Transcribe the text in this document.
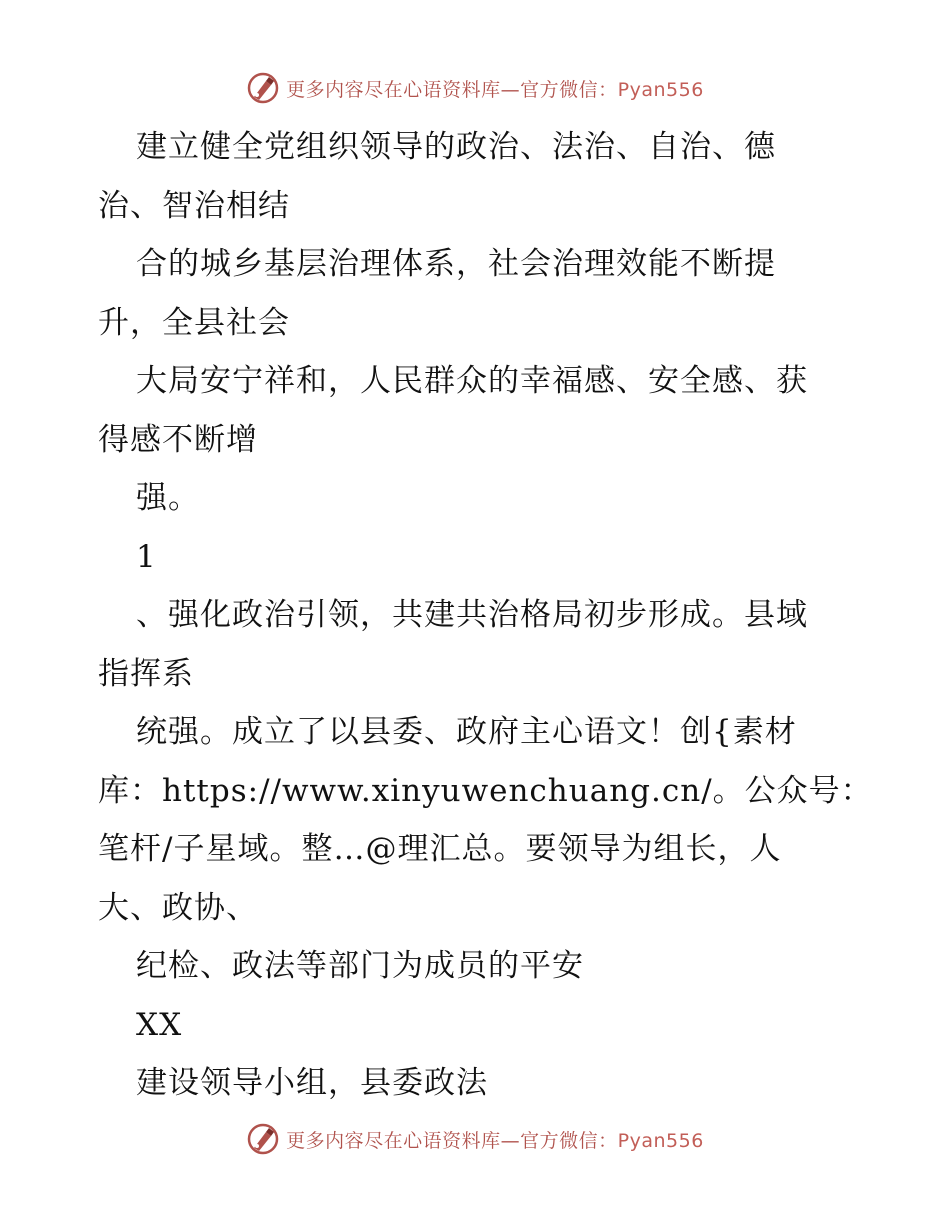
更多内容尽在心语资料库—官方微信：Pyan556
建立健全党组织领导的政治、法治、自治、德
治、智治相结
合的城乡基层治理体系，社会治理效能不断提
升，全县社会
大局安宁祥和，人民群众的幸福感、安全感、获
得感不断增
强。
1
、强化政治引领，共建共治格局初步形成。县域
指挥系
统强。成立了以县委、政府主心语文！创{素材
库：https://www.xinyuwenchuang.cn/。公众号：
笔杆/子星域。整…@理汇总。要领导为组长，人
大、政协、
纪检、政法等部门为成员的平安
XX
建设领导小组，县委政法
更多内容尽在心语资料库—官方微信：Pyan556
